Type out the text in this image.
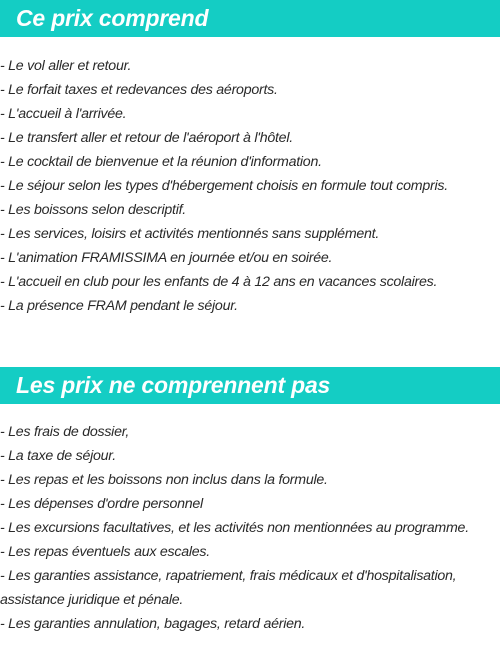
Ce prix comprend
- Le vol aller et retour.
- Le forfait taxes et redevances des aéroports.
- L'accueil à l'arrivée.
- Le transfert aller et retour de l'aéroport à l'hôtel.
- Le cocktail de bienvenue et la réunion d'information.
- Le séjour selon les types d'hébergement choisis en formule tout compris.
- Les boissons selon descriptif.
- Les services, loisirs et activités mentionnés sans supplément.
- L'animation FRAMISSIMA en journée et/ou en soirée.
- L'accueil en club pour les enfants de 4 à 12 ans en vacances scolaires.
- La présence FRAM pendant le séjour.
Les prix ne comprennent pas
- Les frais de dossier,
- La taxe de séjour.
- Les repas et les boissons non inclus dans la formule.
- Les dépenses d'ordre personnel
- Les excursions facultatives, et les activités non mentionnées au programme.
- Les repas éventuels aux escales.
- Les garanties assistance, rapatriement, frais médicaux et d'hospitalisation, assistance juridique et pénale.
- Les garanties annulation, bagages, retard aérien.
